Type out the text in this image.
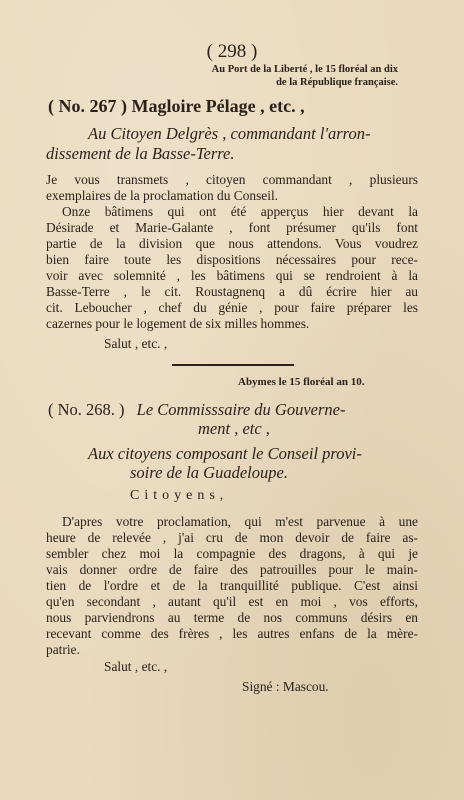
( 298 )
Au Port de la Liberté , le 15 floréal an dix
de la République française.
( No. 267 ) Magloire Pélage , etc. ,
Au Citoyen Delgrès , commandant l'arron-
dissement de la Basse-Terre.
Je vous transmets , citoyen commandant , plusieurs
exemplaires de la proclamation du Conseil.
Onze bâtimens qui ont été apperçus hier devant la
Désirade et Marie-Galante , font présumer qu'ils font
partie de la division que nous attendons. Vous voudrez
bien faire toute les dispositions nécessaires pour rece-
voir avec solemnité , les bâtimens qui se rendroient à la
Basse-Terre , le cit. Roustagnenq a dû écrire hier au
cit. Leboucher , chef du génie , pour faire préparer les
cazernes pour le logement de six milles hommes.
Salut , etc. ,
Abymes le 15 floréal an 10.
( No. 268. ) Le Commisssaire du Gouverne-
ment , etc ,
Aux citoyens composant le Conseil provi-
soire de la Guadeloupe.
Citoyens,
D'apres votre proclamation, qui m'est parvenue à une
heure de relevée , j'ai cru de mon devoir de faire as-
sembler chez moi la compagnie des dragons, à qui je
vais donner ordre de faire des patrouilles pour le main-
tien de l'ordre et de la tranquillité publique. C'est ainsi
qu'en secondant , autant qu'il est en moi , vos efforts,
nous parviendrons au terme de nos communs désirs en
recevant comme des frères , les autres enfans de la mère-
patrie.
Salut , etc. ,
Signé : Mascou.
